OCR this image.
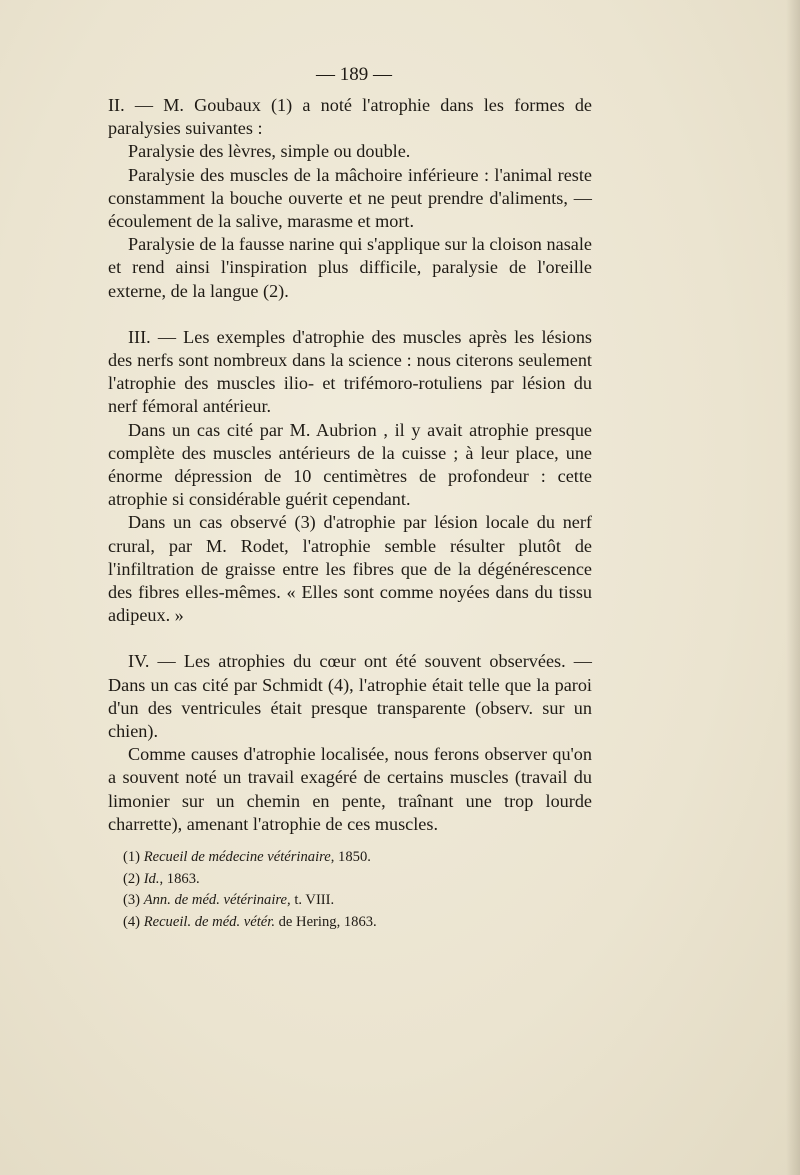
— 189 —

II. — M. Goubaux (1) a noté l'atrophie dans les formes de paralysies suivantes :

Paralysie des lèvres, simple ou double.

Paralysie des muscles de la mâchoire inférieure : l'animal reste constamment la bouche ouverte et ne peut prendre d'aliments, — écoulement de la salive, marasme et mort.

Paralysie de la fausse narine qui s'applique sur la cloison nasale et rend ainsi l'inspiration plus difficile, paralysie de l'oreille externe, de la langue (2).

III. — Les exemples d'atrophie des muscles après les lésions des nerfs sont nombreux dans la science : nous citerons seulement l'atrophie des muscles ilio- et trifémoro-rotuliens par lésion du nerf fémoral antérieur.

Dans un cas cité par M. Aubrion , il y avait atrophie presque complète des muscles antérieurs de la cuisse ; à leur place, une énorme dépression de 10 centimètres de profondeur : cette atrophie si considérable guérit cependant.

Dans un cas observé (3) d'atrophie par lésion locale du nerf crural, par M. Rodet, l'atrophie semble résulter plutôt de l'infiltration de graisse entre les fibres que de la dégénérescence des fibres elles-mêmes. « Elles sont comme noyées dans du tissu adipeux. »

IV. — Les atrophies du cœur ont été souvent observées. — Dans un cas cité par Schmidt (4), l'atrophie était telle que la paroi d'un des ventricules était presque transparente (observ. sur un chien).

Comme causes d'atrophie localisée, nous ferons observer qu'on a souvent noté un travail exagéré de certains muscles (travail du limonier sur un chemin en pente, traînant une trop lourde charrette), amenant l'atrophie de ces muscles.

(1) Recueil de médecine vétérinaire, 1850.

(2) Id., 1863.

(3) Ann. de méd. vétérinaire, t. VIII.

(4) Recueil. de méd. vétér. de Hering, 1863.
